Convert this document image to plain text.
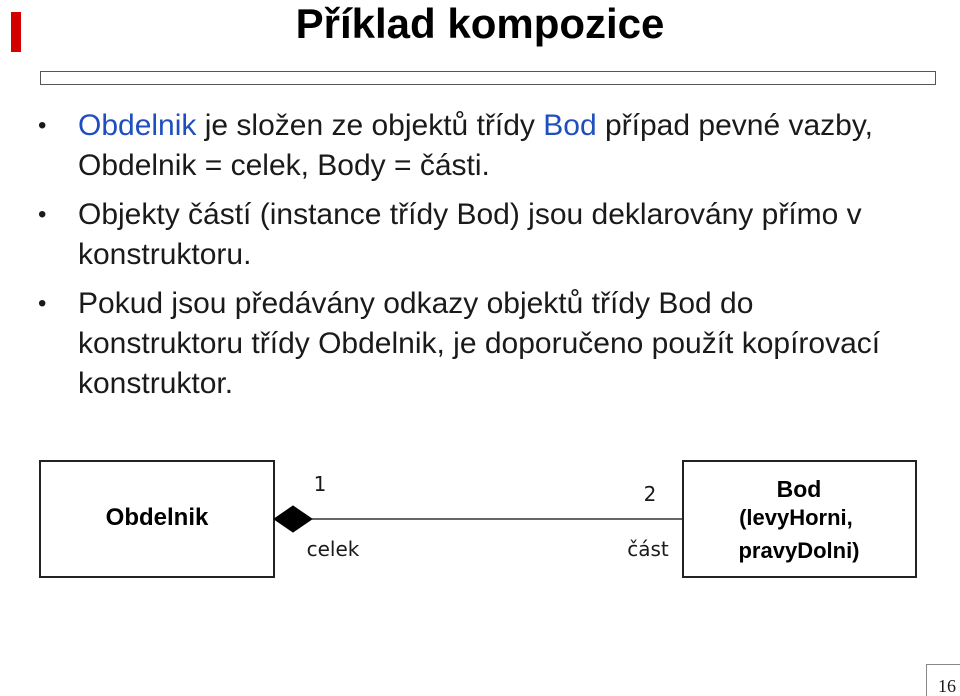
Příklad kompozice
• Obdelnik je složen ze objektů třídy Bod případ pevné vazby, Obdelnik = celek, Body = části.
• Objekty částí (instance třídy Bod) jsou deklarovány přímo v konstruktoru.
• Pokud jsou předávány odkazy objektů třídy Bod do konstruktoru třídy Obdelnik, je doporučeno použít kopírovací konstruktor.
Obdelnik
1
celek
2
část
Bod
(levyHorni, pravyDolni)
16
